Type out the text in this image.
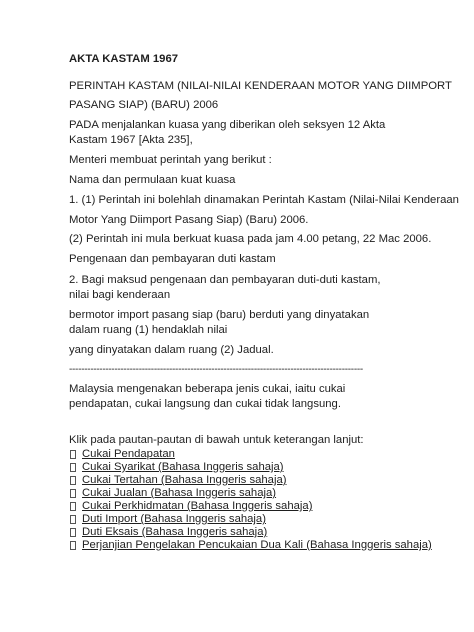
AKTA KASTAM 1967
PERINTAH KASTAM (NILAI-NILAI KENDERAAN MOTOR YANG DIIMPORT
PASANG SIAP) (BARU) 2006
PADA menjalankan kuasa yang diberikan oleh seksyen 12 Akta Kastam 1967 [Akta 235],
Menteri membuat perintah yang berikut :
Nama dan permulaan kuat kuasa
1. (1) Perintah ini bolehlah dinamakan Perintah Kastam (Nilai-Nilai Kenderaan
Motor Yang Diimport Pasang Siap) (Baru) 2006.
(2) Perintah ini mula berkuat kuasa pada jam 4.00 petang, 22 Mac 2006.
Pengenaan dan pembayaran duti kastam
2. Bagi maksud pengenaan dan pembayaran duti-duti kastam, nilai bagi kenderaan
bermotor import pasang siap (baru) berduti yang dinyatakan dalam ruang (1) hendaklah nilai
yang dinyatakan dalam ruang (2) Jadual.
-------------------------------------------------------------------------------------------------
Malaysia mengenakan beberapa jenis cukai, iaitu cukai pendapatan, cukai langsung dan cukai tidak langsung.
Klik pada pautan-pautan di bawah untuk keterangan lanjut:
Cukai Pendapatan
Cukai Syarikat (Bahasa Inggeris sahaja)
Cukai Tertahan (Bahasa Inggeris sahaja)
Cukai Jualan (Bahasa Inggeris sahaja)
Cukai Perkhidmatan (Bahasa Inggeris sahaja)
Duti Import (Bahasa Inggeris sahaja)
Duti Eksais (Bahasa Inggeris sahaja)
Perjanjian Pengelakan Pencukaian Dua Kali (Bahasa Inggeris sahaja)
